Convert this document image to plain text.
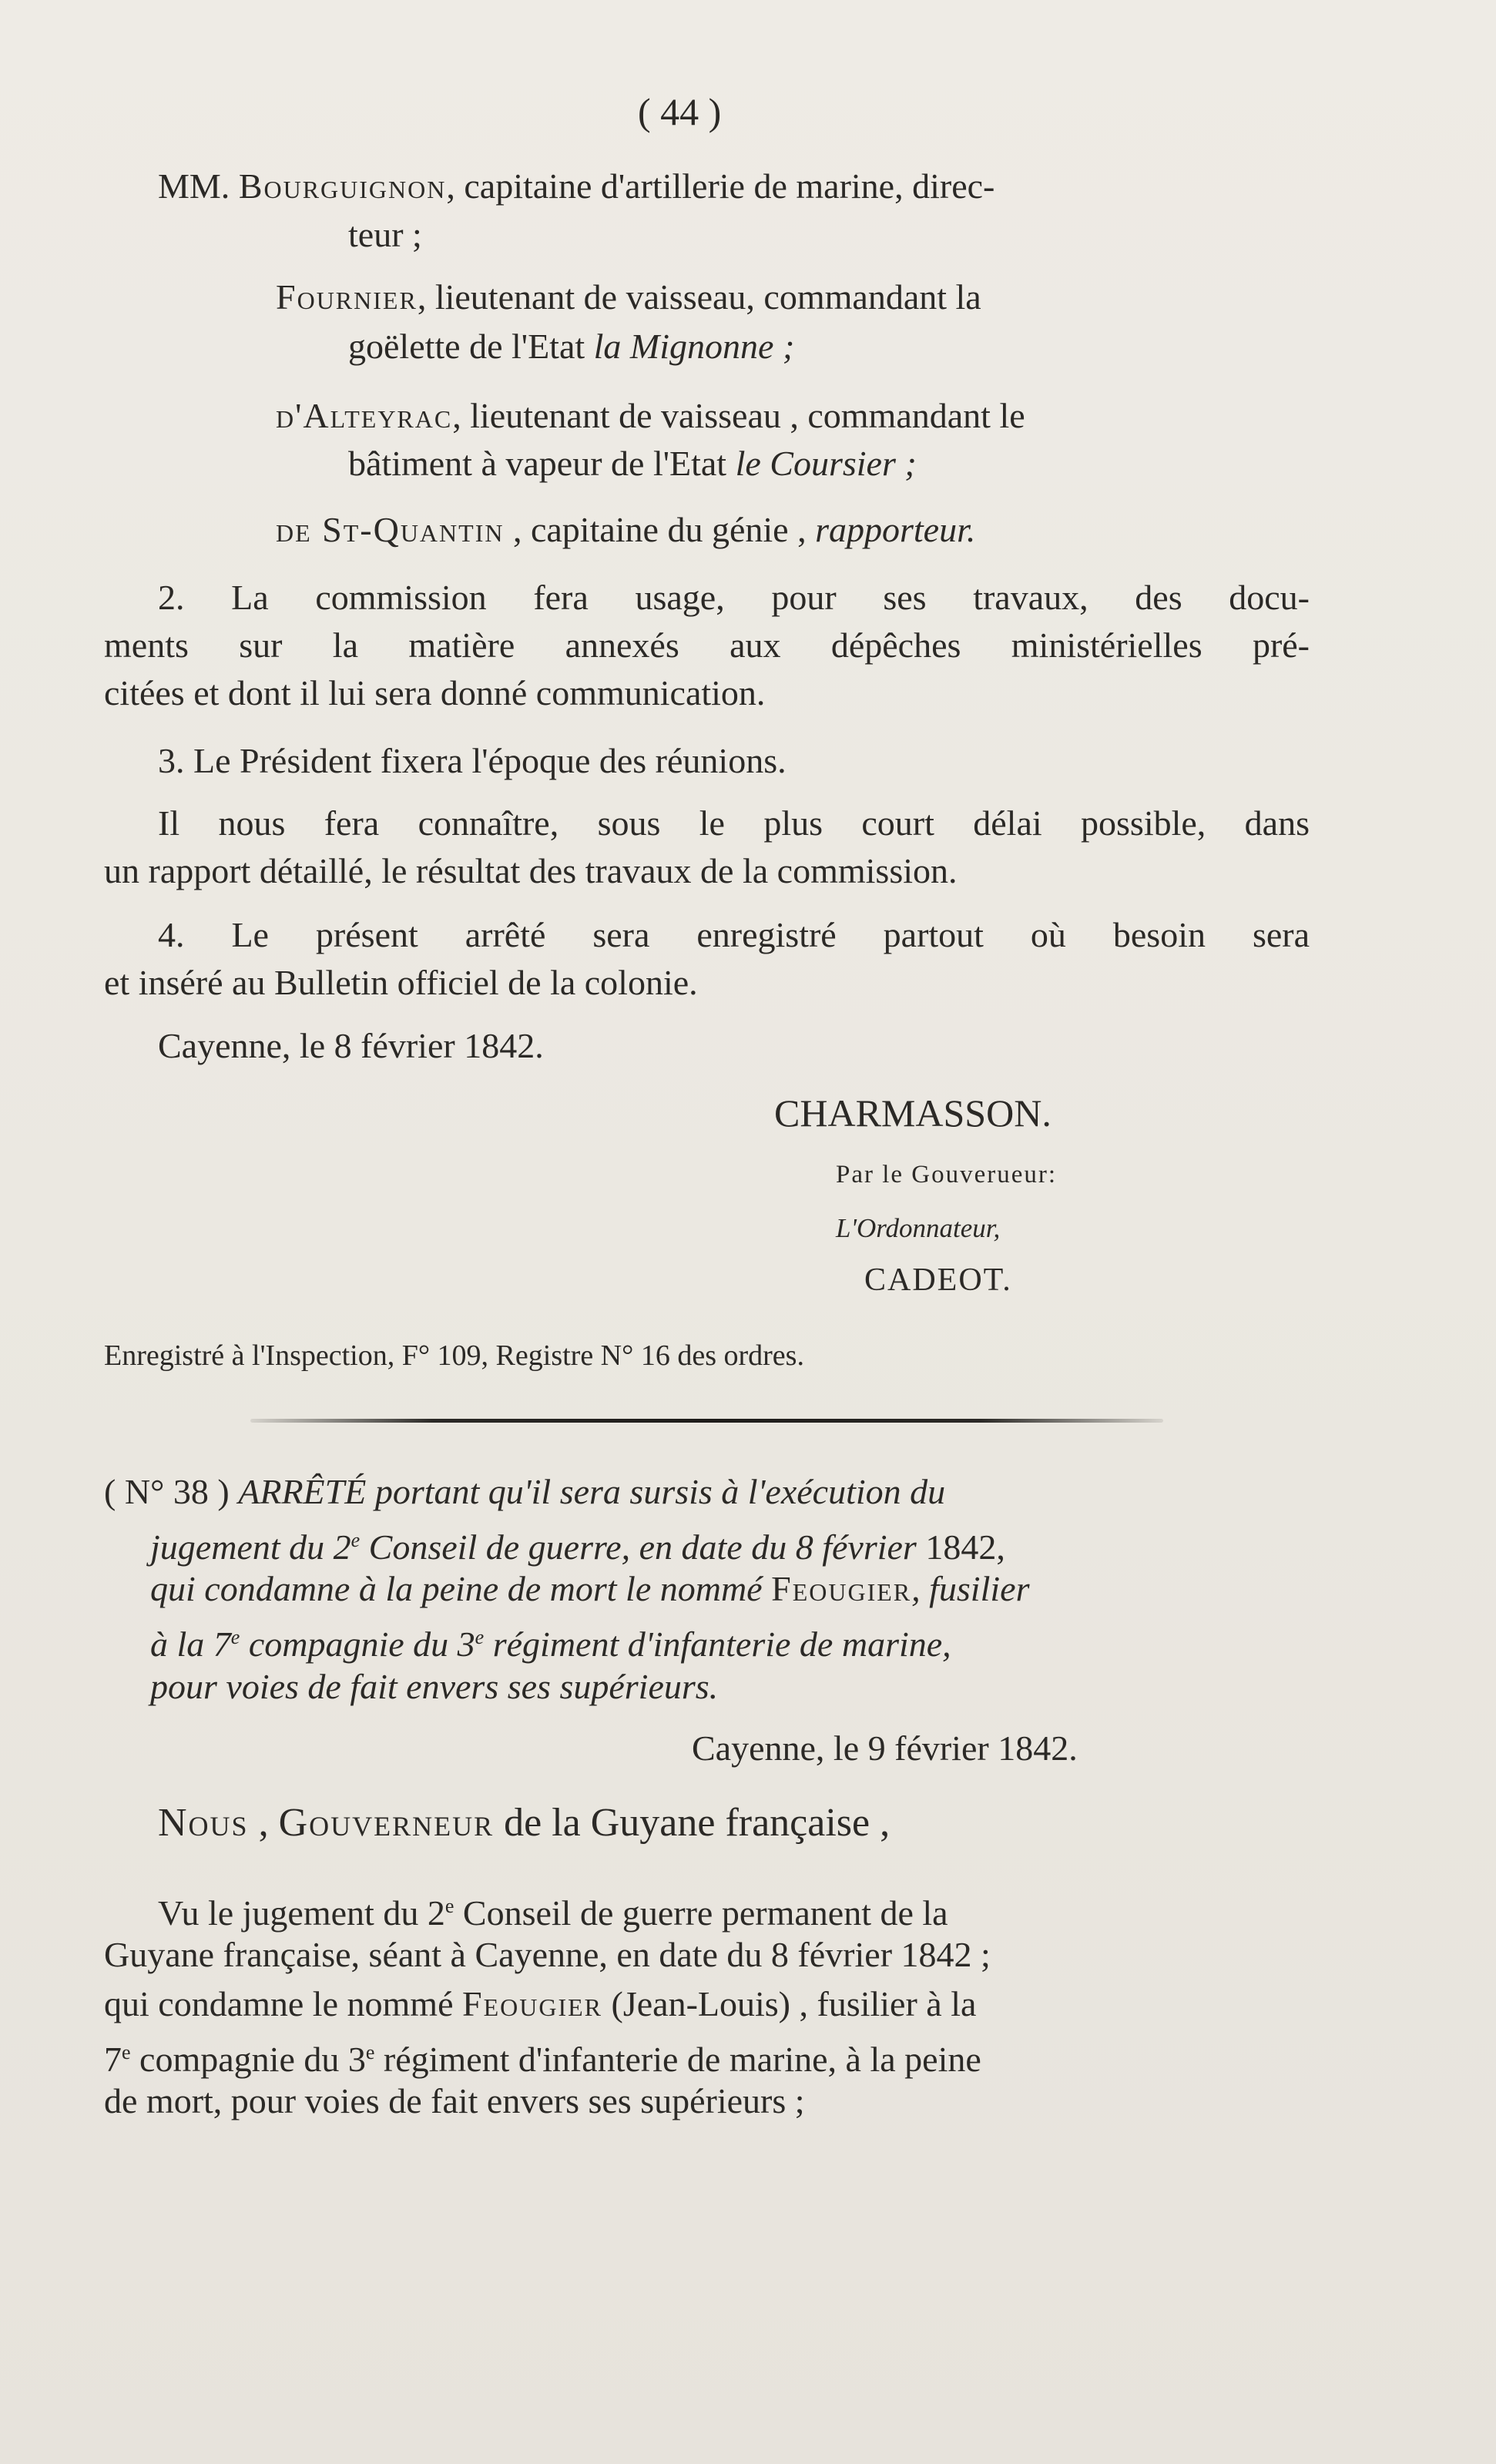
( 44 )
MM. Bourguignon, capitaine d'artillerie de marine, direc-
teur ;
Fournier, lieutenant de vaisseau, commandant la
goëlette de l'Etat la Mignonne ;
d'Alteyrac, lieutenant de vaisseau , commandant le
bâtiment à vapeur de l'Etat le Coursier ;
de St-Quantin , capitaine du génie , rapporteur.
2. La commission fera usage, pour ses travaux, des docu-
ments sur la matière annexés aux dépêches ministérielles pré-
citées et dont il lui sera donné communication.
3. Le Président fixera l'époque des réunions.
Il nous fera connaître, sous le plus court délai possible, dans
un rapport détaillé, le résultat des travaux de la commission.
4. Le présent arrêté sera enregistré partout où besoin sera
et inséré au Bulletin officiel de la colonie.
Cayenne, le 8 février 1842.
CHARMASSON.
Par le Gouverueur:
L'Ordonnateur,
CADEOT.
Enregistré à l'Inspection, F° 109, Registre N° 16 des ordres.
( N° 38 ) ARRÊTÉ portant qu'il sera sursis à l'exécution du
jugement du 2e Conseil de guerre, en date du 8 février 1842,
qui condamne à la peine de mort le nommé Feougier, fusilier
à la 7e compagnie du 3e régiment d'infanterie de marine,
pour voies de fait envers ses supérieurs.
Cayenne, le 9 février 1842.
Nous , Gouverneur de la Guyane française ,
Vu le jugement du 2e Conseil de guerre permanent de la
Guyane française, séant à Cayenne, en date du 8 février 1842 ;
qui condamne le nommé Feougier (Jean-Louis) , fusilier à la
7e compagnie du 3e régiment d'infanterie de marine, à la peine
de mort, pour voies de fait envers ses supérieurs ;
